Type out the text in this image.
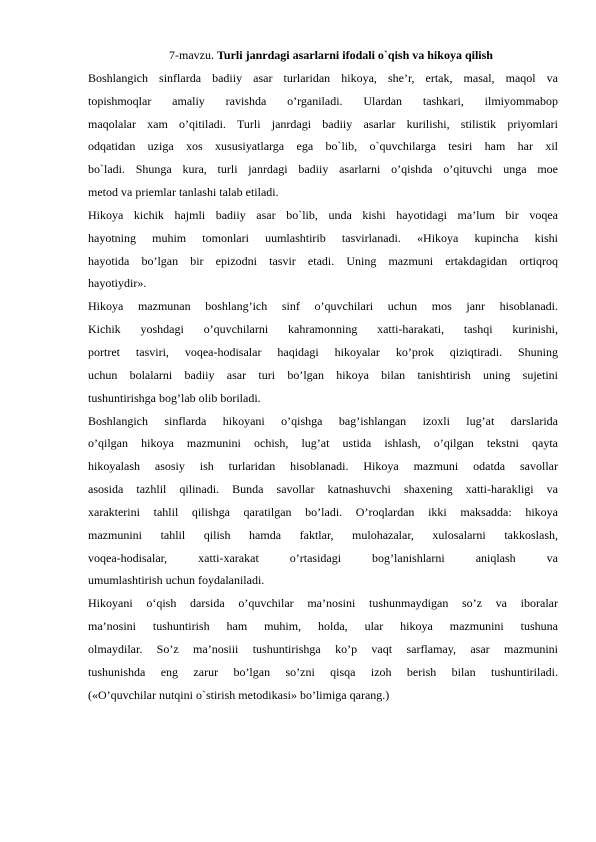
7-mavzu. Turli janrdagi asarlarni ifodali o`qish va hikoya qilish

Boshlangich sinflarda badiiy asar turlaridan hikoya, she’r, ertak, masal, maqol va
topishmoqlar amaliy ravishda o’rganiladi. Ulardan tashkari, ilmiyommabop
maqolalar xam o’qitiladi. Turli janrdagi badiiy asarlar kurilishi, stilistik priyomlari
odqatidan uziga xos xususiyatlarga ega bo`lib, o`quvchilarga tesiri ham har xil
bo`ladi. Shunga kura, turli janrdagi badiiy asarlarni o’qishda o’qituvchi unga moe
metod va priemlar tanlashi talab etiladi.

Hikoya kichik hajmli badiiy asar bo`lib, unda kishi hayotidagi ma’lum bir voqea
hayotning muhim tomonlari uumlashtirib tasvirlanadi. «Hikoya kupincha kishi
hayotida bo’lgan bir epizodni tasvir etadi. Uning mazmuni ertakdagidan ortiqroq
hayotiydir».

Hikoya mazmunan boshlang’ich sinf o’quvchilari uchun mos janr hisoblanadi.
Kichik yoshdagi o’quvchilarni kahramonning xatti-harakati, tashqi kurinishi,
portret tasviri, voqea-hodisalar haqidagi hikoyalar ko’prok qiziqtiradi. Shuning
uchun bolalarni badiiy asar turi bo’lgan hikoya bilan tanishtirish uning sujetini
tushuntirishga bog’lab olib boriladi.

Boshlangich sinflarda hikoyani o’qishga bag’ishlangan izoxli lug’at darslarida
o’qilgan hikoya mazmunini ochish, lug’at ustida ishlash, o’qilgan tekstni qayta
hikoyalash asosiy ish turlaridan hisoblanadi. Hikoya mazmuni odatda savollar
asosida tazhlil qilinadi. Bunda savollar katnashuvchi shaxening xatti-harakligi va
xarakterini tahlil qilishga qaratilgan bo’ladi. O’roqlardan ikki maksadda: hikoya
mazmunini tahlil qilish hamda faktlar, mulohazalar, xulosalarni takkoslash,
voqea-hodisalar, xatti-xarakat o’rtasidagi bog’lanishlarni aniqlash va
umumlashtirish uchun foydalaniladi.

Hikoyani o‘qish darsida o’quvchilar ma’nosini tushunmaydigan so’z va iboralar
ma’nosini tushuntirish ham muhim, holda, ular hikoya mazmunini tushuna
olmaydilar. So’z ma’nosiii tushuntirishga ko’p vaqt sarflamay, asar mazmunini
tushunishda eng zarur bo’lgan so’zni qisqa izoh berish bilan tushuntiriladi.
(«O’quvchilar nutqini o`stirish metodikasi» bo’limiga qarang.)
